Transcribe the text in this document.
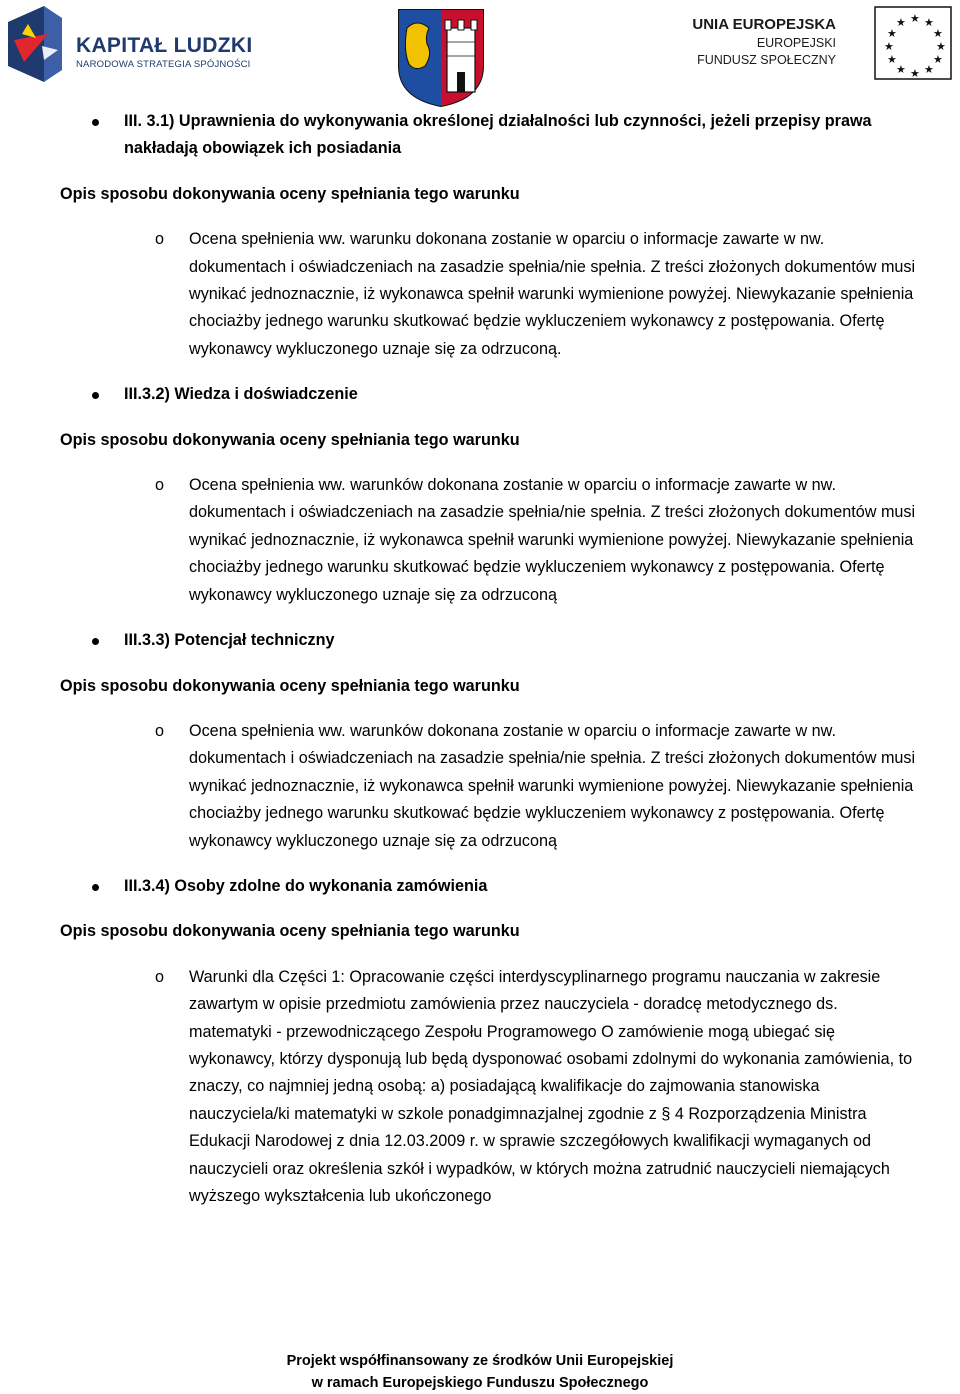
KAPITAŁ LUDZKI
NARODOWA STRATEGIA SPÓJNOŚCI
UNIA EUROPEJSKA
EUROPEJSKI
FUNDUSZ SPOŁECZNY
★ ★
★
★
★
★
★
★
★
★
★
★
III. 3.1) Uprawnienia do wykonywania określonej działalności lub czynności, jeżeli przepisy prawa nakładają obowiązek ich posiadania
Opis sposobu dokonywania oceny spełniania tego warunku
o Ocena spełnienia ww. warunku dokonana zostanie w oparciu o informacje zawarte w nw. dokumentach i oświadczeniach na zasadzie spełnia/nie spełnia. Z treści złożonych dokumentów musi wynikać jednoznacznie, iż wykonawca spełnił warunki wymienione powyżej. Niewykazanie spełnienia chociażby jednego warunku skutkować będzie wykluczeniem wykonawcy z postępowania. Ofertę wykonawcy wykluczonego uznaje się za odrzuconą.
III.3.2) Wiedza i doświadczenie
Opis sposobu dokonywania oceny spełniania tego warunku
o Ocena spełnienia ww. warunków dokonana zostanie w oparciu o informacje zawarte w nw. dokumentach i oświadczeniach na zasadzie spełnia/nie spełnia. Z treści złożonych dokumentów musi wynikać jednoznacznie, iż wykonawca spełnił warunki wymienione powyżej. Niewykazanie spełnienia chociażby jednego warunku skutkować będzie wykluczeniem wykonawcy z postępowania. Ofertę wykonawcy wykluczonego uznaje się za odrzuconą
III.3.3) Potencjał techniczny
Opis sposobu dokonywania oceny spełniania tego warunku
o Ocena spełnienia ww. warunków dokonana zostanie w oparciu o informacje zawarte w nw. dokumentach i oświadczeniach na zasadzie spełnia/nie spełnia. Z treści złożonych dokumentów musi wynikać jednoznacznie, iż wykonawca spełnił warunki wymienione powyżej. Niewykazanie spełnienia chociażby jednego warunku skutkować będzie wykluczeniem wykonawcy z postępowania. Ofertę wykonawcy wykluczonego uznaje się za odrzuconą
III.3.4) Osoby zdolne do wykonania zamówienia
Opis sposobu dokonywania oceny spełniania tego warunku
o Warunki dla Części 1: Opracowanie części interdyscyplinarnego programu nauczania w zakresie zawartym w opisie przedmiotu zamówienia przez nauczyciela - doradcę metodycznego ds. matematyki - przewodniczącego Zespołu Programowego O zamówienie mogą ubiegać się wykonawcy, którzy dysponują lub będą dysponować osobami zdolnymi do wykonania zamówienia, to znaczy, co najmniej jedną osobą: a) posiadającą kwalifikacje do zajmowania stanowiska nauczyciela/ki matematyki w szkole ponadgimnazjalnej zgodnie z § 4 Rozporządzenia Ministra Edukacji Narodowej z dnia 12.03.2009 r. w sprawie szczegółowych kwalifikacji wymaganych od nauczycieli oraz określenia szkół i wypadków, w których można zatrudnić nauczycieli niemających wyższego wykształcenia lub ukończonego
Projekt współfinansowany ze środków Unii Europejskiej
w ramach Europejskiego Funduszu Społecznego
